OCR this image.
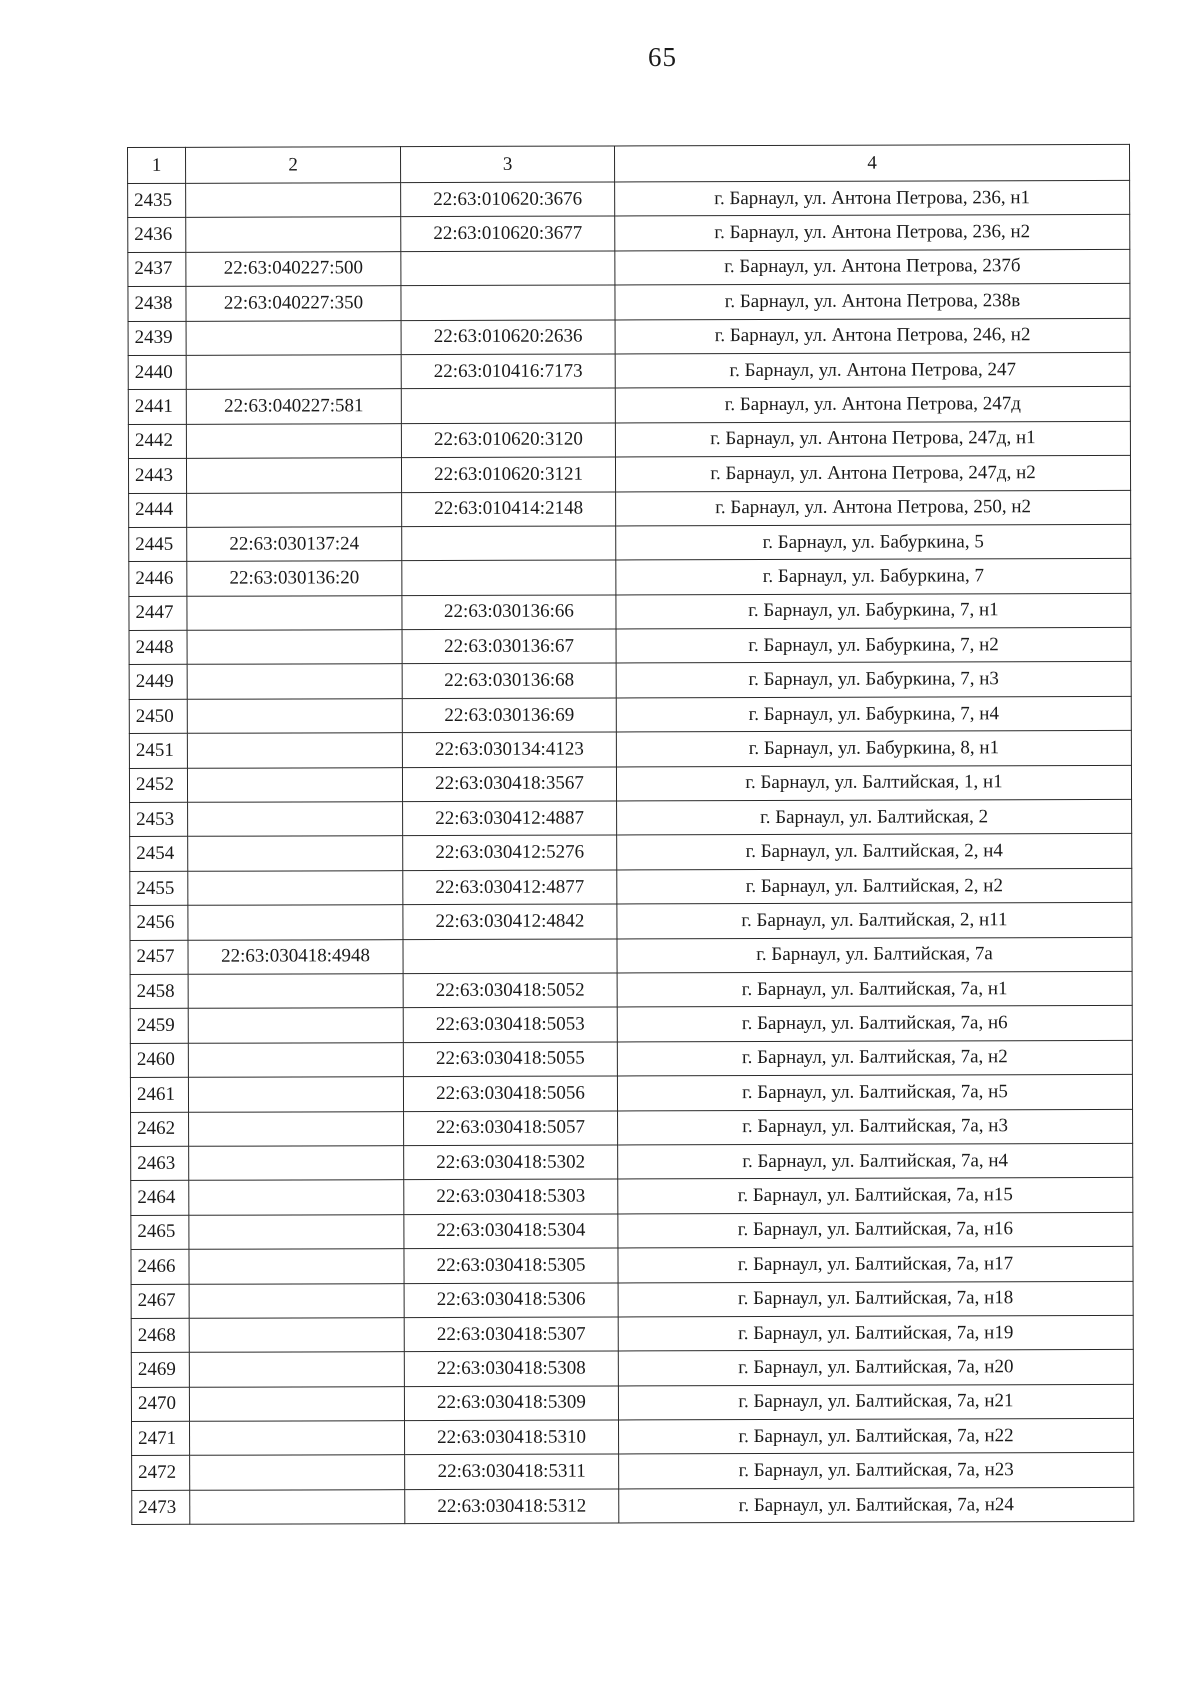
65
1	2	3	4
2435		22:63:010620:3676	г. Барнаул, ул. Антона Петрова, 236, н1
2436		22:63:010620:3677	г. Барнаул, ул. Антона Петрова, 236, н2
2437	22:63:040227:500		г. Барнаул, ул. Антона Петрова, 237б
2438	22:63:040227:350		г. Барнаул, ул. Антона Петрова, 238в
2439		22:63:010620:2636	г. Барнаул, ул. Антона Петрова, 246, н2
2440		22:63:010416:7173	г. Барнаул, ул. Антона Петрова, 247
2441	22:63:040227:581		г. Барнаул, ул. Антона Петрова, 247д
2442		22:63:010620:3120	г. Барнаул, ул. Антона Петрова, 247д, н1
2443		22:63:010620:3121	г. Барнаул, ул. Антона Петрова, 247д, н2
2444		22:63:010414:2148	г. Барнаул, ул. Антона Петрова, 250, н2
2445	22:63:030137:24		г. Барнаул, ул. Бабуркина, 5
2446	22:63:030136:20		г. Барнаул, ул. Бабуркина, 7
2447		22:63:030136:66	г. Барнаул, ул. Бабуркина, 7, н1
2448		22:63:030136:67	г. Барнаул, ул. Бабуркина, 7, н2
2449		22:63:030136:68	г. Барнаул, ул. Бабуркина, 7, н3
2450		22:63:030136:69	г. Барнаул, ул. Бабуркина, 7, н4
2451		22:63:030134:4123	г. Барнаул, ул. Бабуркина, 8, н1
2452		22:63:030418:3567	г. Барнаул, ул. Балтийская, 1, н1
2453		22:63:030412:4887	г. Барнаул, ул. Балтийская, 2
2454		22:63:030412:5276	г. Барнаул, ул. Балтийская, 2, н4
2455		22:63:030412:4877	г. Барнаул, ул. Балтийская, 2, н2
2456		22:63:030412:4842	г. Барнаул, ул. Балтийская, 2, н11
2457	22:63:030418:4948		г. Барнаул, ул. Балтийская, 7а
2458		22:63:030418:5052	г. Барнаул, ул. Балтийская, 7а, н1
2459		22:63:030418:5053	г. Барнаул, ул. Балтийская, 7а, н6
2460		22:63:030418:5055	г. Барнаул, ул. Балтийская, 7а, н2
2461		22:63:030418:5056	г. Барнаул, ул. Балтийская, 7а, н5
2462		22:63:030418:5057	г. Барнаул, ул. Балтийская, 7а, н3
2463		22:63:030418:5302	г. Барнаул, ул. Балтийская, 7а, н4
2464		22:63:030418:5303	г. Барнаул, ул. Балтийская, 7а, н15
2465		22:63:030418:5304	г. Барнаул, ул. Балтийская, 7а, н16
2466		22:63:030418:5305	г. Барнаул, ул. Балтийская, 7а, н17
2467		22:63:030418:5306	г. Барнаул, ул. Балтийская, 7а, н18
2468		22:63:030418:5307	г. Барнаул, ул. Балтийская, 7а, н19
2469		22:63:030418:5308	г. Барнаул, ул. Балтийская, 7а, н20
2470		22:63:030418:5309	г. Барнаул, ул. Балтийская, 7а, н21
2471		22:63:030418:5310	г. Барнаул, ул. Балтийская, 7а, н22
2472		22:63:030418:5311	г. Барнаул, ул. Балтийская, 7а, н23
2473		22:63:030418:5312	г. Барнаул, ул. Балтийская, 7а, н24
